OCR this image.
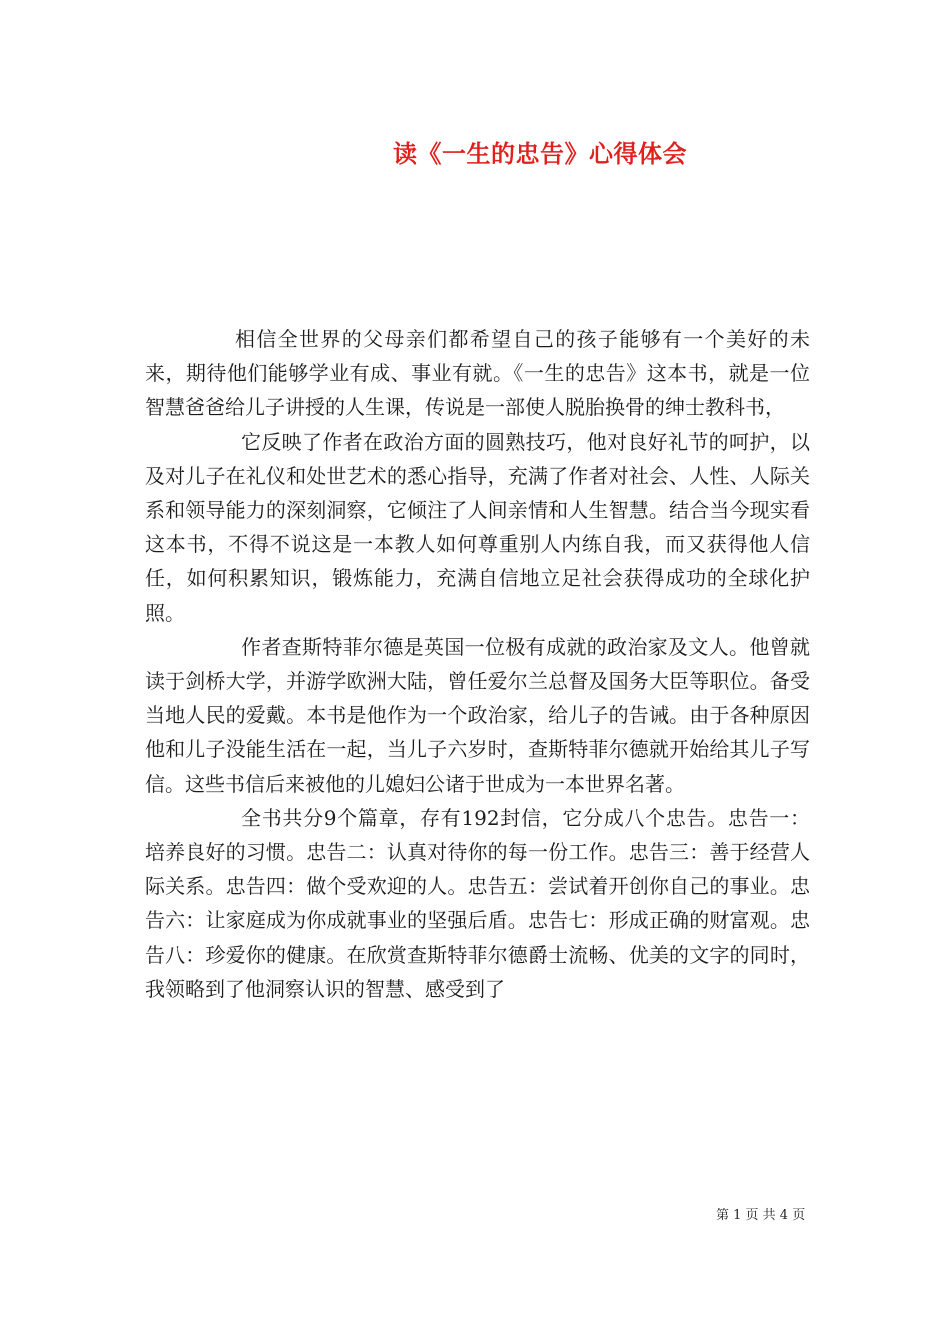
读《一生的忠告》心得体会

相信全世界的父母亲们都希望自己的孩子能够有一个美好的未来，期待他们能够学业有成、事业有就。《一生的忠告》这本书，就是一位智慧爸爸给儿子讲授的人生课，传说是一部使人脱胎换骨的绅士教科书，

它反映了作者在政治方面的圆熟技巧，他对良好礼节的呵护，以及对儿子在礼仪和处世艺术的悉心指导，充满了作者对社会、人性、人际关系和领导能力的深刻洞察，它倾注了人间亲情和人生智慧。结合当今现实看这本书，不得不说这是一本教人如何尊重别人内练自我，而又获得他人信任，如何积累知识，锻炼能力，充满自信地立足社会获得成功的全球化护照。

作者查斯特菲尔德是英国一位极有成就的政治家及文人。他曾就读于剑桥大学，并游学欧洲大陆，曾任爱尔兰总督及国务大臣等职位。备受当地人民的爱戴。本书是他作为一个政治家，给儿子的告诫。由于各种原因他和儿子没能生活在一起，当儿子六岁时，查斯特菲尔德就开始给其儿子写信。这些书信后来被他的儿媳妇公诸于世成为一本世界名著。

全书共分9个篇章，存有192封信，它分成八个忠告。忠告一：培养良好的习惯。忠告二：认真对待你的每一份工作。忠告三：善于经营人际关系。忠告四：做个受欢迎的人。忠告五：尝试着开创你自己的事业。忠告六：让家庭成为你成就事业的坚强后盾。忠告七：形成正确的财富观。忠告八：珍爱你的健康。在欣赏查斯特菲尔德爵士流畅、优美的文字的同时，我领略到了他洞察认识的智慧、感受到了

第 1 页 共 4 页
